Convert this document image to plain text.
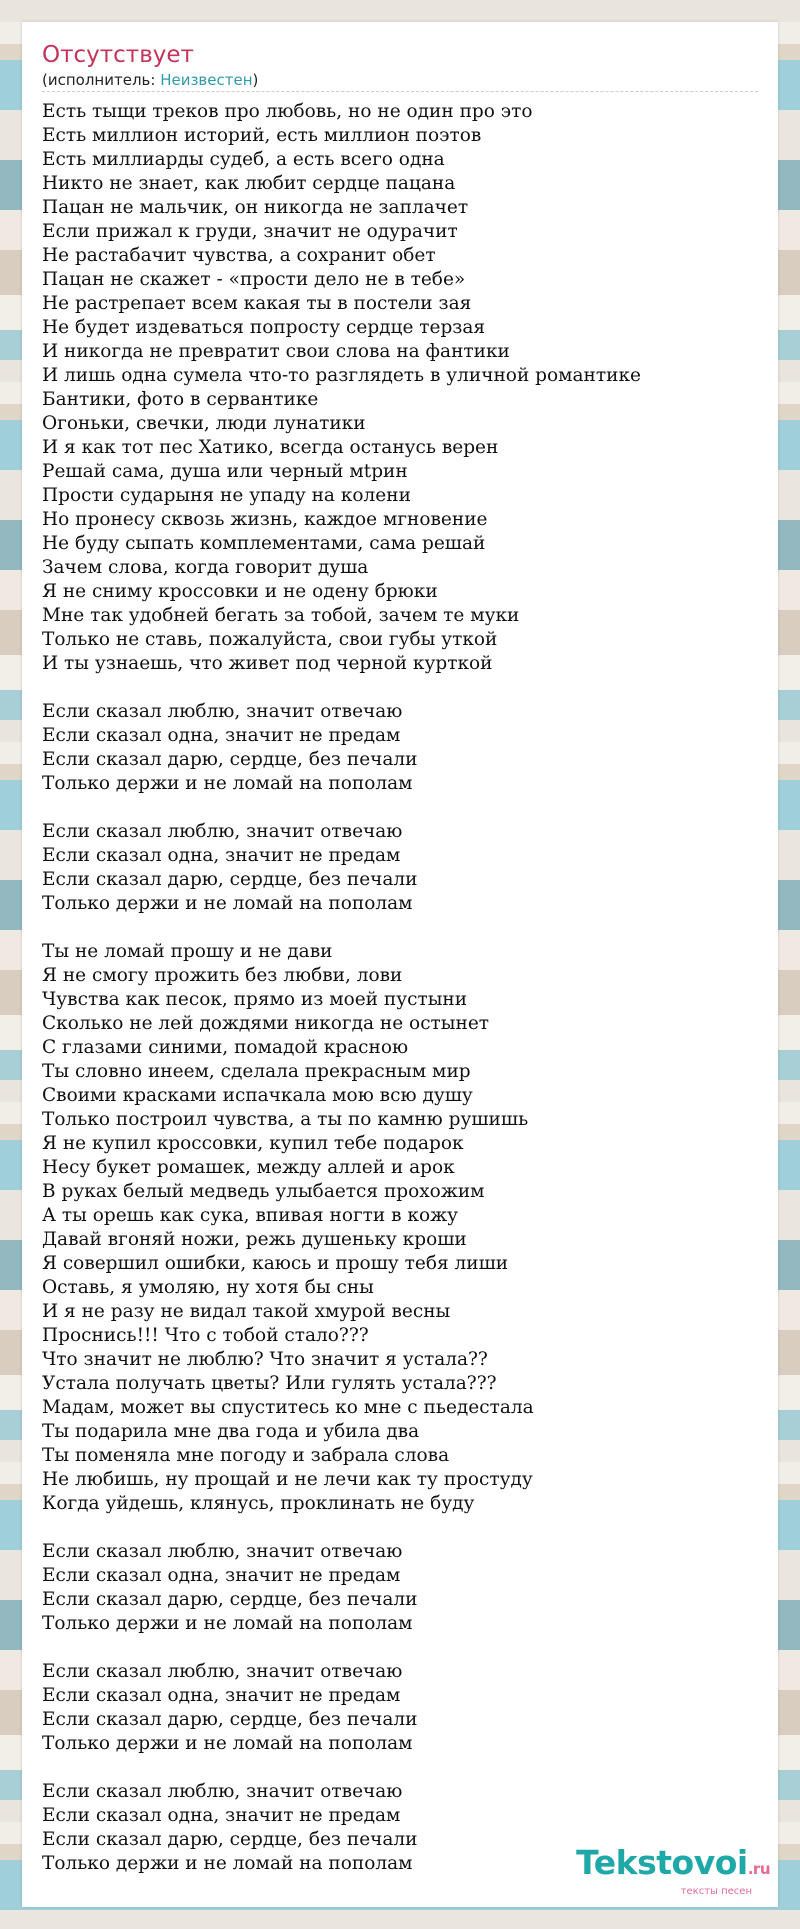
Отсутствует
(исполнитель: Неизвестен)
Есть тыщи треков про любовь, но не один про это
Есть миллион историй, есть миллион поэтов
Есть миллиарды судеб, а есть всего одна
Никто не знает, как любит сердце пацана
Пацан не мальчик, он никогда не заплачет
Если прижал к груди, значит не одурачит
Не растабачит чувства, а сохранит обет
Пацан не скажет - «прости дело не в тебе»
Не растрепает всем какая ты в постели зая
Не будет издеваться попросту сердце терзая
И никогда не превратит свои слова на фантики
И лишь одна сумела что-то разглядеть в уличной романтике
Бантики, фото в сервантике
Огоньки, свечки, люди лунатики
И я как тот пес Хатико, всегда останусь верен
Решай сама, душа или черный мtрин
Прости сударыня не упаду на колени
Но пронесу сквозь жизнь, каждое мгновение
Не буду сыпать комплементами, сама решай
Зачем слова, когда говорит душа
Я не сниму кроссовки и не одену брюки
Мне так удобней бегать за тобой, зачем те муки
Только не ставь, пожалуйста, свои губы уткой
И ты узнаешь, что живет под черной курткой
Если сказал люблю, значит отвечаю
Если сказал одна, значит не предам
Если сказал дарю, сердце, без печали
Только держи и не ломай на пополам
Если сказал люблю, значит отвечаю
Если сказал одна, значит не предам
Если сказал дарю, сердце, без печали
Только держи и не ломай на пополам
Ты не ломай прошу и не дави
Я не смогу прожить без любви, лови
Чувства как песок, прямо из моей пустыни
Сколько не лей дождями никогда не остынет
С глазами синими, помадой красною
Ты словно инеем, сделала прекрасным мир
Своими красками испачкала мою всю душу
Только построил чувства, а ты по камню рушишь
Я не купил кроссовки, купил тебе подарок
Несу букет ромашек, между аллей и арок
В руках белый медведь улыбается прохожим
А ты орешь как сука, впивая ногти в кожу
Давай вгоняй ножи, режь душеньку кроши
Я совершил ошибки, каюсь и прошу тебя лиши
Оставь, я умоляю, ну хотя бы сны
И я не разу не видал такой хмурой весны
Проснись!!! Что с тобой стало???
Что значит не люблю? Что значит я устала??
Устала получать цветы? Или гулять устала???
Мадам, может вы спуститесь ко мне с пьедестала
Ты подарила мне два года и убила два
Ты поменяла мне погоду и забрала слова
Не любишь, ну прощай и не лечи как ту простуду
Когда уйдешь, клянусь, проклинать не буду
Если сказал люблю, значит отвечаю
Если сказал одна, значит не предам
Если сказал дарю, сердце, без печали
Только держи и не ломай на пополам
Если сказал люблю, значит отвечаю
Если сказал одна, значит не предам
Если сказал дарю, сердце, без печали
Только держи и не ломай на пополам
Если сказал люблю, значит отвечаю
Если сказал одна, значит не предам
Если сказал дарю, сердце, без печали
Только держи и не ломай на пополам	Tekstovoi.ru
тексты песен
